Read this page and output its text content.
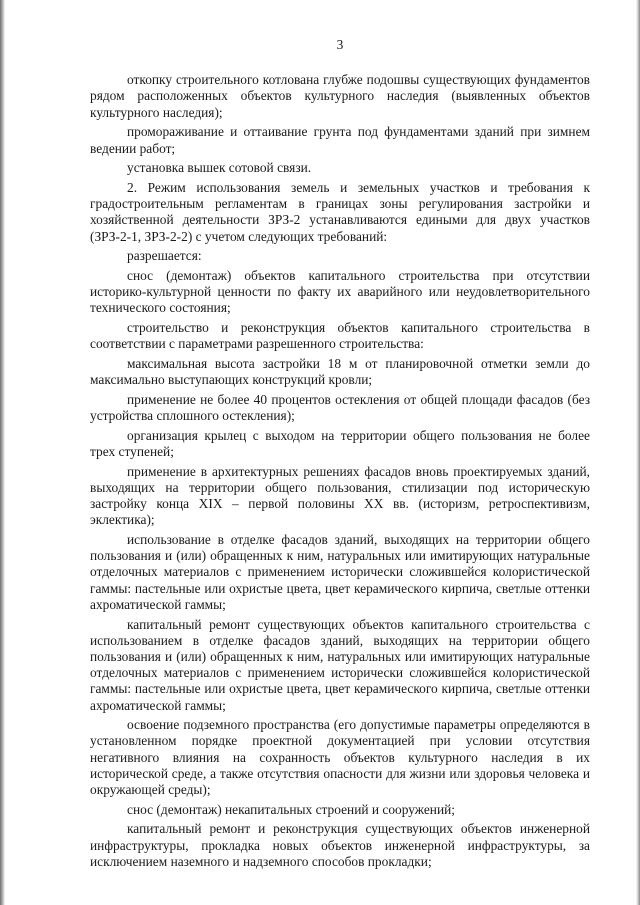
3

откопку строительного котлована глубже подошвы существующих фундаментов рядом расположенных объектов культурного наследия (выявленных объектов культурного наследия);

промораживание и оттаивание грунта под фундаментами зданий при зимнем ведении работ;

установка вышек сотовой связи.

2. Режим использования земель и земельных участков и требования к градостроительным регламентам в границах зоны регулирования застройки и хозяйственной деятельности ЗРЗ-2 устанавливаются едиными для двух участков (ЗРЗ-2-1, ЗРЗ-2-2) с учетом следующих требований:

разрешается:

снос (демонтаж) объектов капитального строительства при отсутствии историко-культурной ценности по факту их аварийного или неудовлетворительного технического состояния;

строительство и реконструкция объектов капитального строительства в соответствии с параметрами разрешенного строительства:

максимальная высота застройки 18 м от планировочной отметки земли до максимально выступающих конструкций кровли;

применение не более 40 процентов остекления от общей площади фасадов (без устройства сплошного остекления);

организация крылец с выходом на территории общего пользования не более трех ступеней;

применение в архитектурных решениях фасадов вновь проектируемых зданий, выходящих на территории общего пользования, стилизации под историческую застройку конца XIX – первой половины XX вв. (историзм, ретроспективизм, эклектика);

использование в отделке фасадов зданий, выходящих на территории общего пользования и (или) обращенных к ним, натуральных или имитирующих натуральные отделочных материалов с применением исторически сложившейся колористической гаммы: пастельные или охристые цвета, цвет керамического кирпича, светлые оттенки ахроматической гаммы;

капитальный ремонт существующих объектов капитального строительства с использованием в отделке фасадов зданий, выходящих на территории общего пользования и (или) обращенных к ним, натуральных или имитирующих натуральные отделочных материалов с применением исторически сложившейся колористической гаммы: пастельные или охристые цвета, цвет керамического кирпича, светлые оттенки ахроматической гаммы;

освоение подземного пространства (его допустимые параметры определяются в установленном порядке проектной документацией при условии отсутствия негативного влияния на сохранность объектов культурного наследия в их исторической среде, а также отсутствия опасности для жизни или здоровья человека и окружающей среды);

снос (демонтаж) некапитальных строений и сооружений;

капитальный ремонт и реконструкция существующих объектов инженерной инфраструктуры, прокладка новых объектов инженерной инфраструктуры, за исключением наземного и надземного способов прокладки;
